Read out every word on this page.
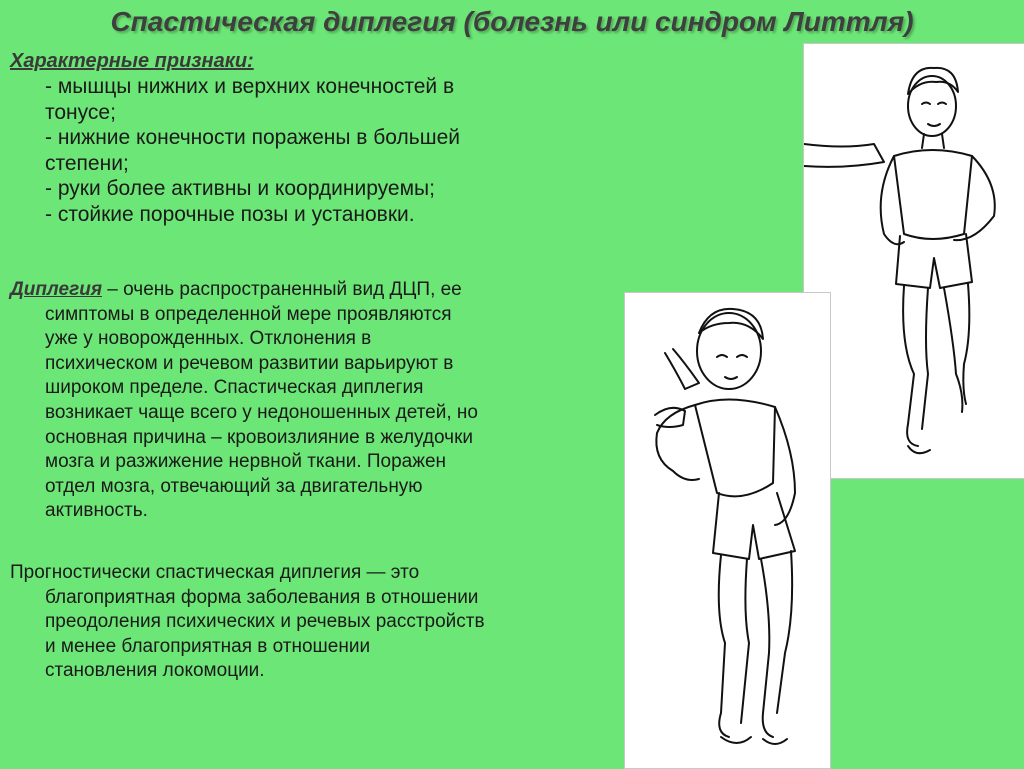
Спастическая диплегия (болезнь или синдром Литтля)
Характерные признаки:
- мышцы нижних и верхних конечностей в
тонусе;
- нижние конечности поражены в большей
степени;
- руки более активны и координируемы;
- стойкие порочные позы и установки.
Диплегия – очень распространенный вид ДЦП, ее
симптомы в определенной мере проявляются
уже у новорожденных. Отклонения в
психическом и речевом развитии варьируют в
широком пределе. Спастическая диплегия
возникает чаще всего у недоношенных детей, но
основная причина – кровоизлияние в желудочки
мозга и разжижение нервной ткани. Поражен
отдел мозга, отвечающий за двигательную
активность.
Прогностически спастическая диплегия — это
благоприятная форма заболевания в отношении
преодоления психических и речевых расстройств
и менее благоприятная в отношении
становления локомоции.
